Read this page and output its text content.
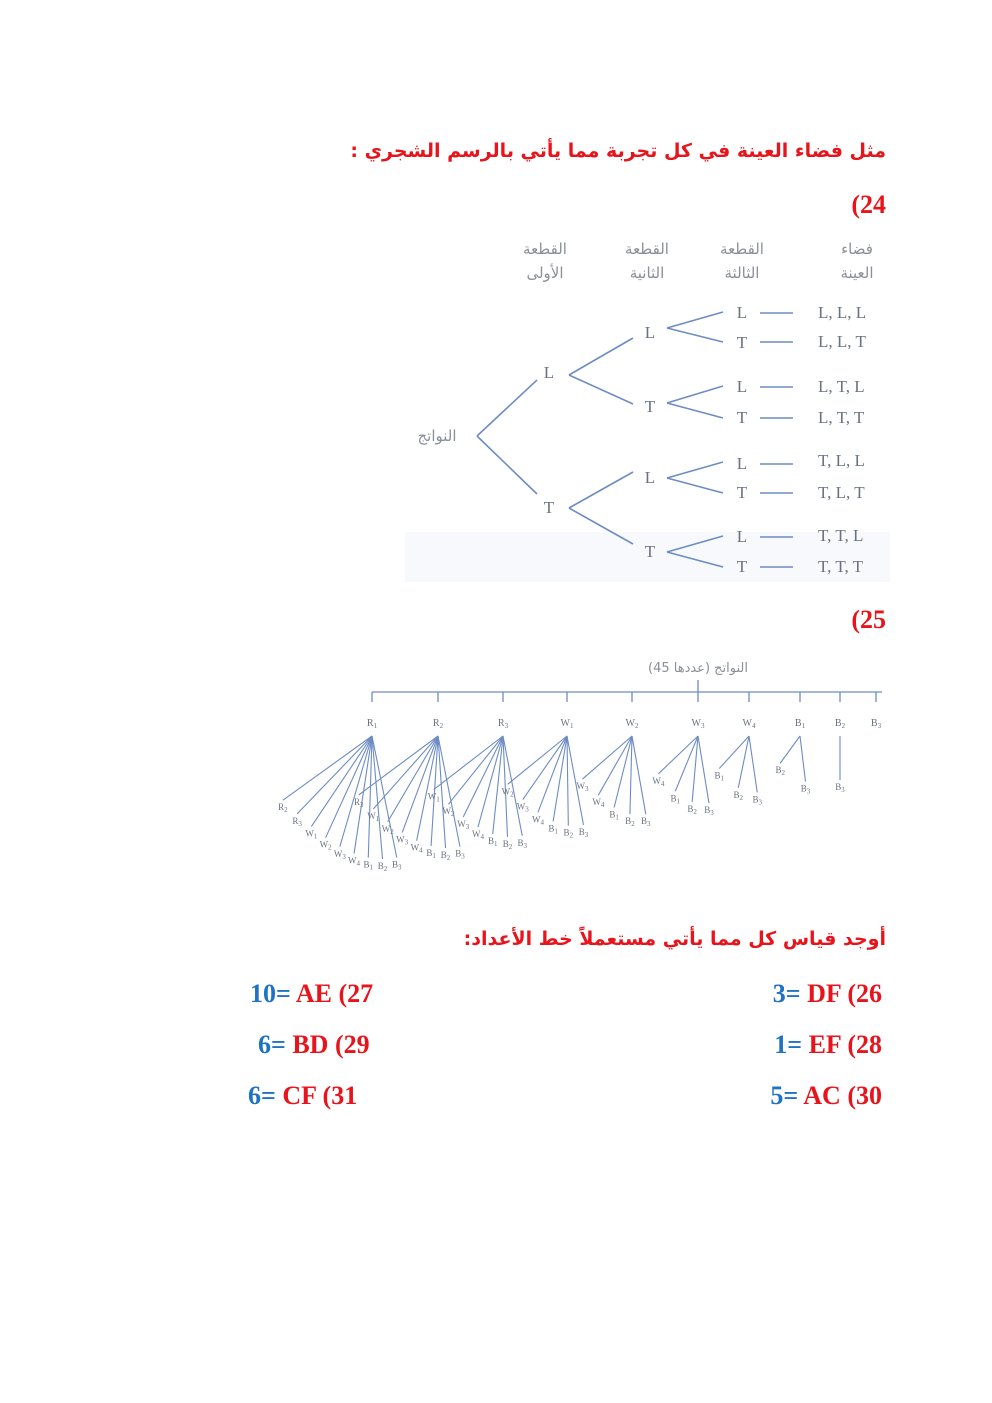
مثل فضاء العينة في كل تجربة مما يأتي بالرسم الشجري :
(24
القطعة
الأولى
القطعة
الثانية
القطعة
الثالثة
فضاء
العينة
النواتج
L
T
L
T
L
T
L
T
L
T
L
T
L
T
L, L, L
L, L, T
L, T, L
L, T, T
T, L, L
T, L, T
T, T, L
T, T, T
(25
النواتج (عددها 45)
$R_1$	$R_2$	$R_3$	$W_1$	$W_2$	$W_3$	$W_4$	$B_1$	$B_2$	$B_3$
$R_2$
$R_3$
$W_1$
$W_2$
$W_3$ $W_4$ $B_1$ $B_2$ $B_3$
$R_3$
$W_1$
$W_2$
$W_3$
$W_4$ $B_1$ $B_2$ $B_3$
$W_1$
$W_2$
$W_3$
$W_4$ $B_1$ $B_2$ $B_3$
$W_2$
$W_3$
$W_4$
$B_1$ $B_2$ $B_3$
$W_3$
$W_4$
$B_1$ $B_2$ $B_3$
$W_4$
$B_1$
$B_2$ $B_3$
$B_1$
$B_2$ $B_3$
$B_2$
$B_3$	$B_3$
أوجد قياس كل مما يأتي مستعملاً خط الأعداد:
3= DF (26
10= AE (27
1= EF (28
6= BD (29
5= AC (30
6= CF (31
